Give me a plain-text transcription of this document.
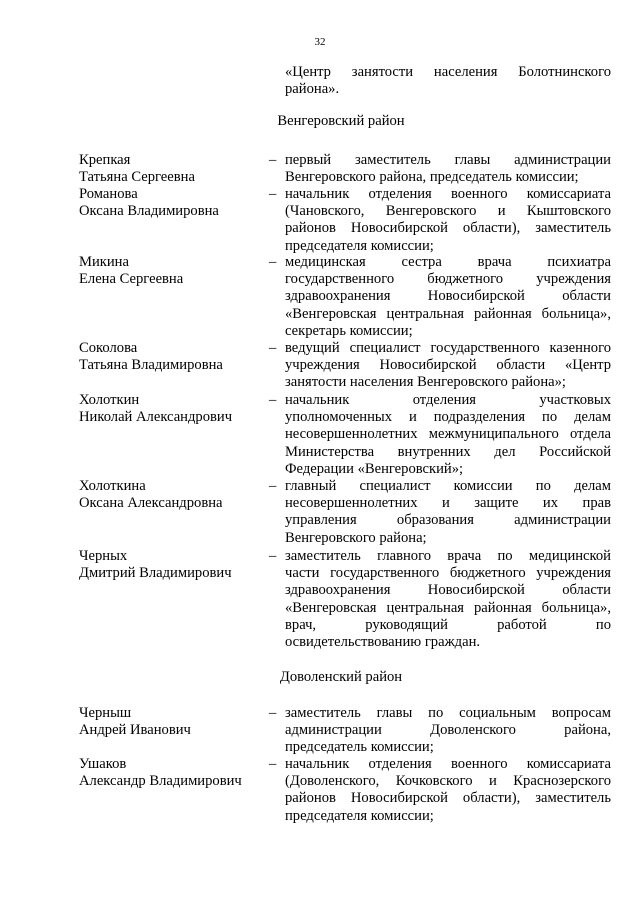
32
«Центр занятости населения Болотнинского
района».
Венгеровский район
Крепкая
Татьяна Сергеевна
– первый заместитель главы администрации
Венгеровского района, председатель комиссии;
Романова
Оксана Владимировна
– начальник отделения военного комиссариата
(Чановского, Венгеровского и Кыштовского
районов Новосибирской области), заместитель
председателя комиссии;
Микина
Елена Сергеевна
– медицинская сестра врача психиатра
государственного бюджетного учреждения
здравоохранения Новосибирской области
«Венгеровская центральная районная больница»,
секретарь комиссии;
Соколова
Татьяна Владимировна
– ведущий специалист государственного казенного
учреждения Новосибирской области «Центр
занятости населения Венгеровского района»;
Холоткин
Николай Александрович
– начальник отделения участковых
уполномоченных и подразделения по делам
несовершеннолетних межмуниципального отдела
Министерства внутренних дел Российской
Федерации «Венгеровский»;
Холоткина
Оксана Александровна
– главный специалист комиссии по делам
несовершеннолетних и защите их прав
управления образования администрации
Венгеровского района;
Черных
Дмитрий Владимирович
– заместитель главного врача по медицинской
части государственного бюджетного учреждения
здравоохранения Новосибирской области
«Венгеровская центральная районная больница»,
врач, руководящий работой по
освидетельствованию граждан.
Доволенский район
Черныш
Андрей Иванович
– заместитель главы по социальным вопросам
администрации Доволенского района,
председатель комиссии;
Ушаков
Александр Владимирович
– начальник отделения военного комиссариата
(Доволенского, Кочковского и Краснозерского
районов Новосибирской области), заместитель
председателя комиссии;
